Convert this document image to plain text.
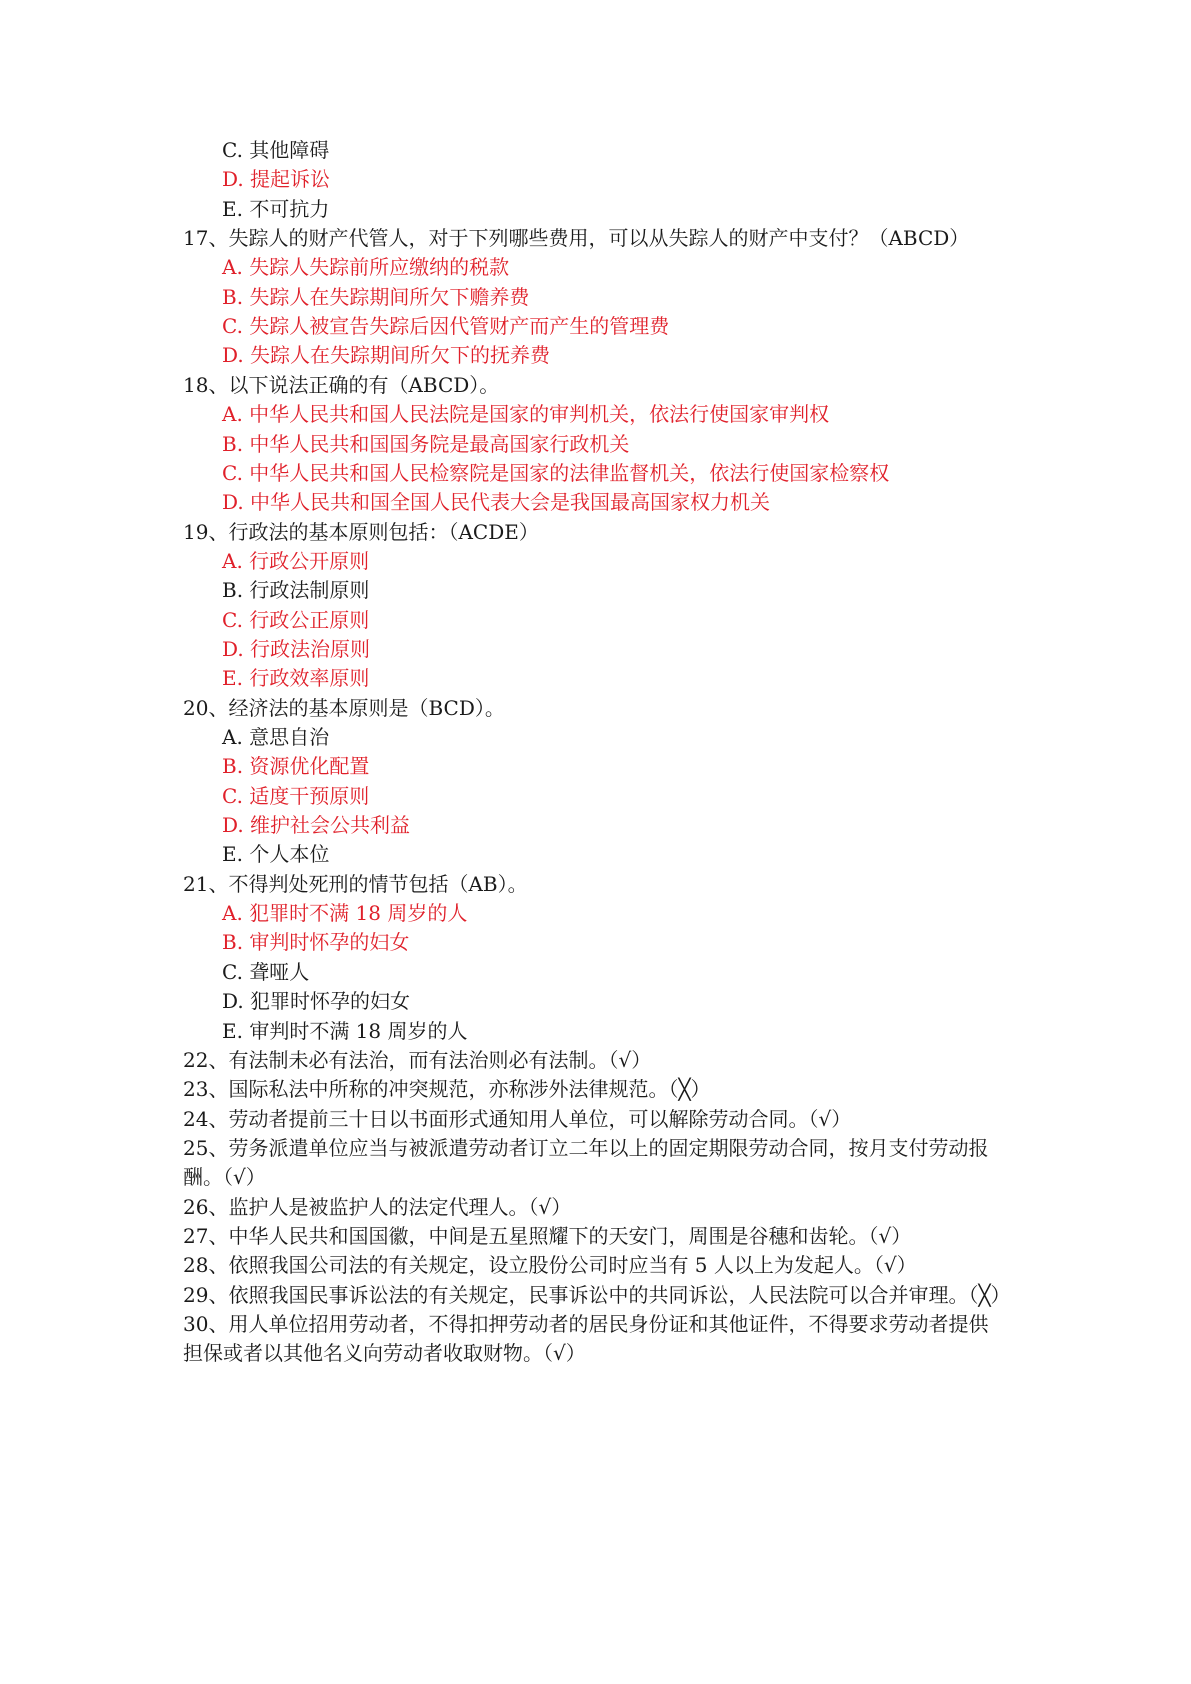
C. 其他障碍
D. 提起诉讼
E. 不可抗力
17、失踪人的财产代管人，对于下列哪些费用，可以从失踪人的财产中支付？（ABCD）
A. 失踪人失踪前所应缴纳的税款
B. 失踪人在失踪期间所欠下赡养费
C. 失踪人被宣告失踪后因代管财产而产生的管理费
D. 失踪人在失踪期间所欠下的抚养费
18、以下说法正确的有（ABCD）。
A. 中华人民共和国人民法院是国家的审判机关，依法行使国家审判权
B. 中华人民共和国国务院是最高国家行政机关
C. 中华人民共和国人民检察院是国家的法律监督机关，依法行使国家检察权
D. 中华人民共和国全国人民代表大会是我国最高国家权力机关
19、行政法的基本原则包括：（ACDE）
A. 行政公开原则
B. 行政法制原则
C. 行政公正原则
D. 行政法治原则
E. 行政效率原则
20、经济法的基本原则是（BCD）。
A. 意思自治
B. 资源优化配置
C. 适度干预原则
D. 维护社会公共利益
E. 个人本位
21、不得判处死刑的情节包括（AB）。
A. 犯罪时不满 18 周岁的人
B. 审判时怀孕的妇女
C. 聋哑人
D. 犯罪时怀孕的妇女
E. 审判时不满 18 周岁的人
22、有法制未必有法治，而有法治则必有法制。（√）
23、国际私法中所称的冲突规范，亦称涉外法律规范。（╳）
24、劳动者提前三十日以书面形式通知用人单位，可以解除劳动合同。（√）
25、劳务派遣单位应当与被派遣劳动者订立二年以上的固定期限劳动合同，按月支付劳动报
酬。（√）
26、监护人是被监护人的法定代理人。（√）
27、中华人民共和国国徽，中间是五星照耀下的天安门，周围是谷穗和齿轮。（√）
28、依照我国公司法的有关规定，设立股份公司时应当有 5 人以上为发起人。（√）
29、依照我国民事诉讼法的有关规定，民事诉讼中的共同诉讼，人民法院可以合并审理。（╳）
30、用人单位招用劳动者，不得扣押劳动者的居民身份证和其他证件，不得要求劳动者提供
担保或者以其他名义向劳动者收取财物。（√）
